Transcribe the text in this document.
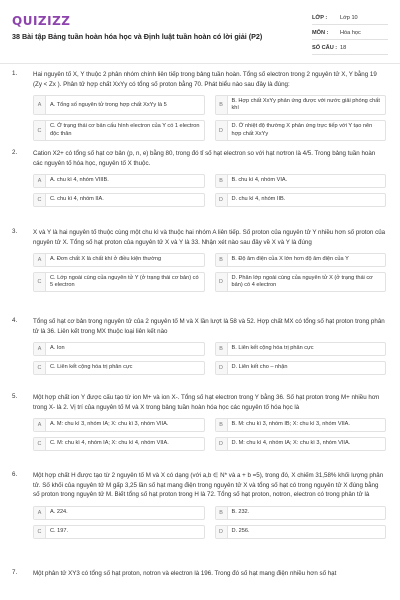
QUIZIZZ
38 Bài tập Bảng tuần hoàn hóa học và Định luật tuần hoàn có lời giải (P2)
LỚP :	Lớp 10
MÔN :	Hóa học
SỐ CÂU : 18
1.	Hai nguyên tố X, Y thuộc 2 phân nhóm chính liên tiếp trong bảng tuần hoàn. Tổng số electron trong 2 nguyên tử X, Y bằng 19 (Zy < Zx ). Phân tử hợp chất XxYy có tổng số proton bằng 70. Phát biểu nào sau đây là đúng:
A	A. Tổng số nguyên tử trong hợp chất XxYy là 5	B
B. Hợp chất XxYy phản ứng được với nước giải phóng chất khí
C
C. Ở trạng thái cơ bản cấu hình electron của Y có 1 electron độc thân	D
D. Ở nhiệt độ thường X phản ứng trực tiếp với Y tạo nên hợp chất XxYy
2.	Cation X2+ có tổng số hạt cơ bản (p, n, e) bằng 80, trong đó tỉ số hạt electron so với hạt nơtron là 4/5. Trong bảng tuần hoàn các nguyên tố hóa học, nguyên tố X thuộc.
A	A. chu kì 4, nhóm VIIIB.	B	B. chu kì 4, nhóm VIA.
C	C. chu kì 4, nhóm IIA.	D	D. chu kì 4, nhóm IIB.
3.	X và Y là hai nguyên tố thuộc cùng một chu kì và thuộc hai nhóm A liên tiếp. Số proton của nguyên tử Y nhiều hơn số proton của nguyên tử X. Tổng số hạt proton của nguyên tử X và Y là 33. Nhận xét nào sau đây về X và Y là đúng
A	A. Đơn chất X là chất khí ở điều kiện thường	B	B. Độ âm điện của X lớn hơn độ âm điện của Y
C
C. Lớp ngoài cùng của nguyên tử Y (ở trạng thái cơ bản) có 5 electron	D
D. Phân lớp ngoài cùng của nguyên tử X (ở trạng thái cơ bản) có 4 electron
4.	Tổng số hạt cơ bản trong nguyên tử của 2 nguyên tố M và X lần lượt là 58 và 52. Hợp chất MX có tổng số hạt proton trong phân tử là 36. Liên kết trong MX thuộc loại liên kết nào
A	A. Ion	B	B. Liên kết cộng hóa trị phân cực
C	C. Liên kết cộng hóa trị phân cực	D	D. Liên kết cho – nhận
5.	Một hợp chất ion Y được cấu tạo từ ion M+ và ion X-. Tổng số hạt electron trong Y bằng 36. Số hạt proton trong M+ nhiều hơn trong X- là 2. Vị trí của nguyên tố M và X trong bảng tuần hoàn hóa học các nguyên tố hóa học là
A	A. M: chu kì 3, nhóm IA; X: chu kì 3, nhóm VIIA.	B	B. M: chu kì 3, nhóm IB; X: chu kì 3, nhóm VIIA.
C	C. M: chu kì 4, nhóm IA; X: chu kì 4, nhóm VIIA.	D	D. M: chu kì 4, nhóm IA; X: chu kì 3, nhóm VIIA.
6.	Một hợp chất H được tạo từ 2 nguyên tố M và X có dạng (với a,b ∈ N* và a + b =5), trong đó, X chiếm 31,58% khối lượng phân tử. Số khối của nguyên tử M gấp 3,25 lần số hạt mang điện trong nguyên tử X và tổng số hạt có trong nguyên tử X đúng bằng số proton trong nguyên tử M. Biết tổng số hạt proton trong H là 72. Tổng số hạt proton, notron, electron có trong phân tử là
A	A. 224.	B	B. 232.
C	C. 197.	D	D. 256.
7.	Một phân tử XY3 có tổng số hạt proton, notron và electron là 196. Trong đó số hạt mang điện nhiều hơn số hạt
